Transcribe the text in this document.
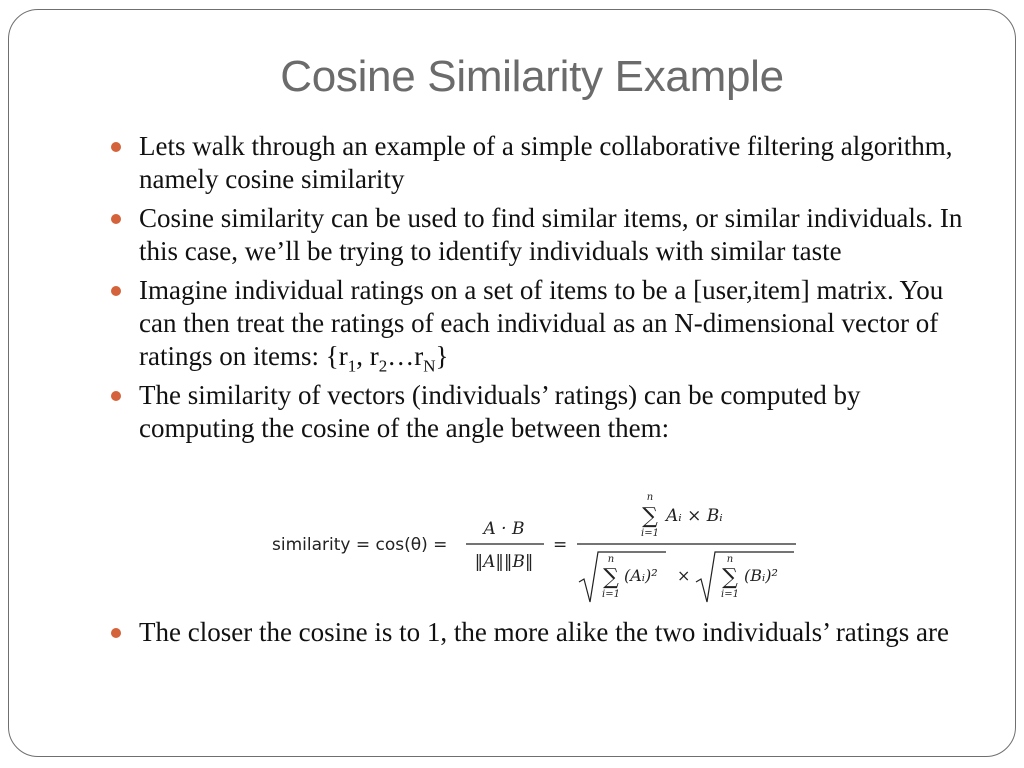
Cosine Similarity Example
Lets walk through an example of a simple collaborative filtering algorithm, namely cosine similarity
Cosine similarity can be used to find similar items, or similar individuals. In this case, we’ll be trying to identify individuals with similar taste
Imagine individual ratings on a set of items to be a [user,item] matrix. You can then treat the ratings of each individual as an N-dimensional vector of ratings on items: {$r_1$, $r_2\dots r_N$}
The similarity of vectors (individuals’ ratings) can be computed by computing the cosine of the angle between them:
similarity = cos(θ) =
A · B
‖A‖‖B‖
=
n
∑
i=1
Aᵢ × Bᵢ
n
∑
i=1
(Aᵢ)² ×
n
∑
i=1
(Bᵢ)²
The closer the cosine is to 1, the more alike the two individuals’ ratings are
